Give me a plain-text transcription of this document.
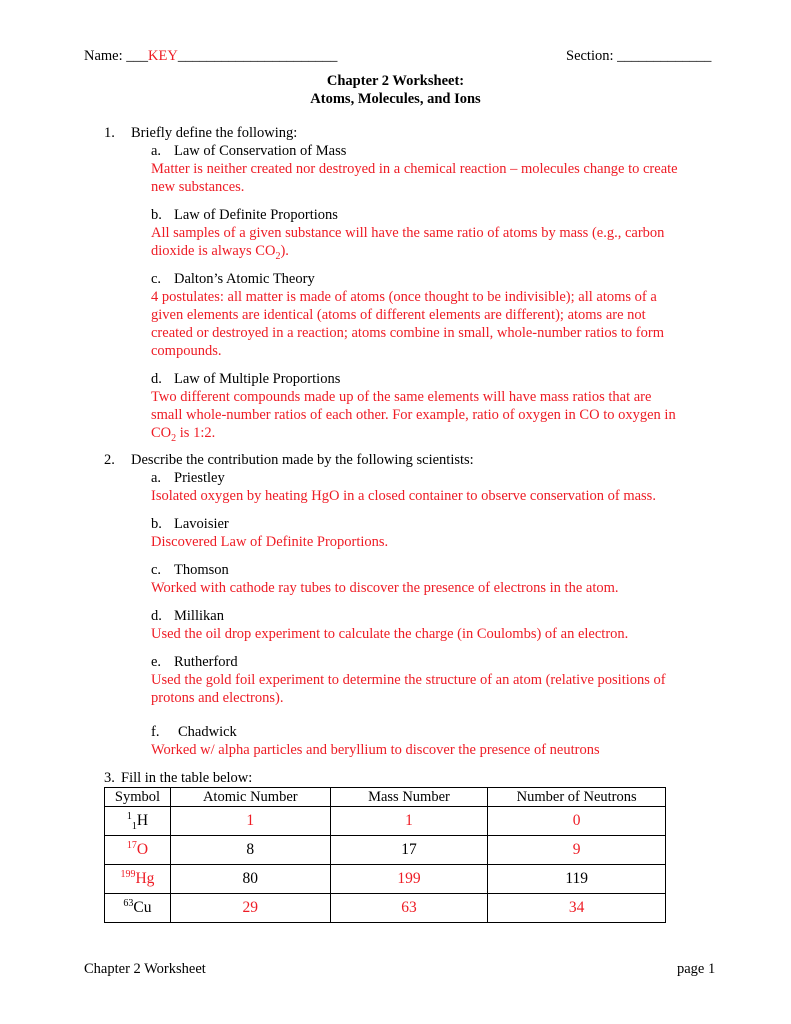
Name: ___KEY______________________	Section: _____________
Chapter 2 Worksheet:
Atoms, Molecules, and Ions
1. Briefly define the following:
a. Law of Conservation of Mass
Matter is neither created nor destroyed in a chemical reaction – molecules change to create
new substances.
b. Law of Definite Proportions
All samples of a given substance will have the same ratio of atoms by mass (e.g., carbon
dioxide is always $CO_2$).
c. Dalton’s Atomic Theory
4 postulates: all matter is made of atoms (once thought to be indivisible); all atoms of a
given elements are identical (atoms of different elements are different); atoms are not
created or destroyed in a reaction; atoms combine in small, whole-number ratios to form
compounds.
d. Law of Multiple Proportions
Two different compounds made up of the same elements will have mass ratios that are
small whole-number ratios of each other. For example, ratio of oxygen in CO to oxygen in
$CO_2$ is 1:2.
2. Describe the contribution made by the following scientists:
a. Priestley
Isolated oxygen by heating HgO in a closed container to observe conservation of mass.
b. Lavoisier
Discovered Law of Definite Proportions.
c. Thomson
Worked with cathode ray tubes to discover the presence of electrons in the atom.
d. Millikan
Used the oil drop experiment to calculate the charge (in Coulombs) of an electron.
e. Rutherford
Used the gold foil experiment to determine the structure of an atom (relative positions of
protons and electrons).
f. Chadwick
Worked w/ alpha particles and beryllium to discover the presence of neutrons
3. Fill in the table below:
Symbol	Atomic Number	Mass Number	Number of Neutrons
$^1_1$H	1	1	0
$^{17}$O	8	17	9
$^{199}$Hg	80	199	119
$^{63}$Cu	29	63	34
Chapter 2 Worksheet	page 1
